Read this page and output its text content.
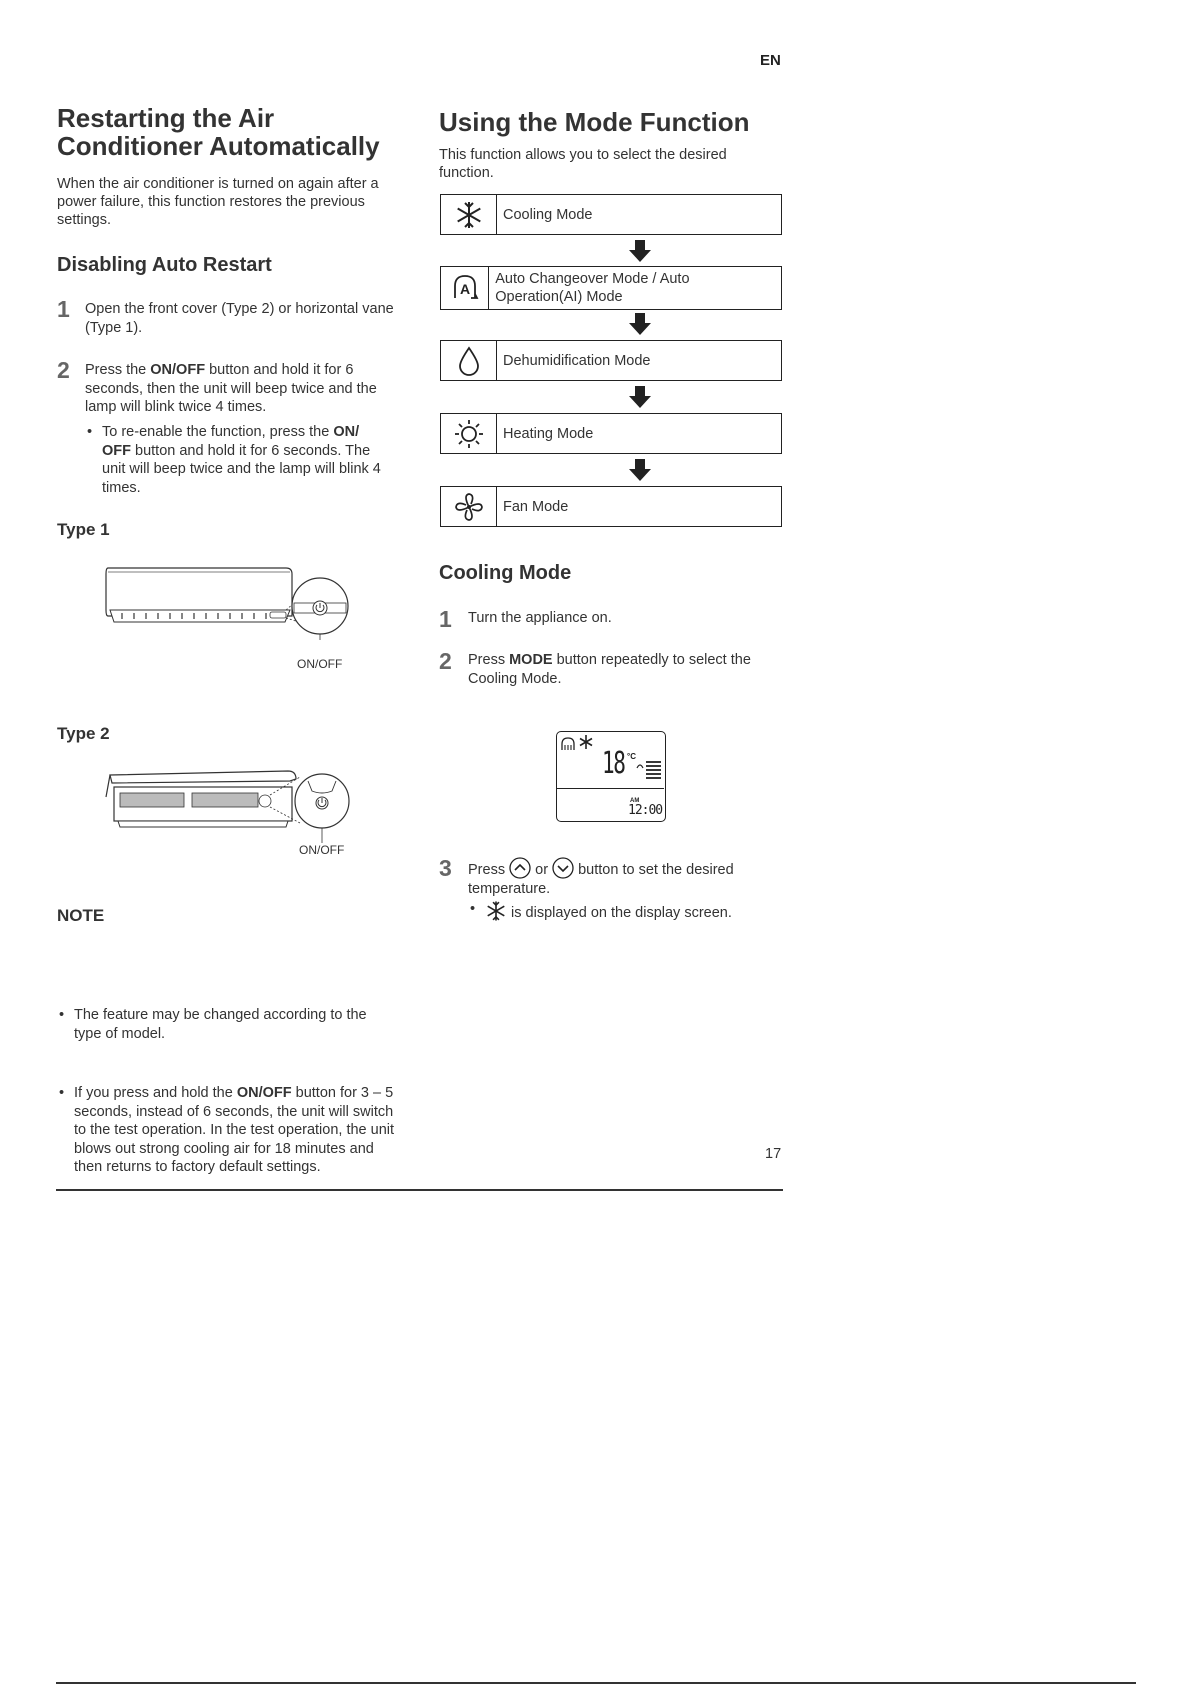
EN
Restarting the Air
Conditioner Automatically
When the air conditioner is turned on again after a power failure, this function restores the previous settings.
Disabling Auto Restart
1 Open the front cover (Type 2) or horizontal vane (Type 1).
2 Press the ON/OFF button and hold it for 6 seconds, then the unit will beep twice and the lamp will blink twice 4 times.
• To re-enable the function, press the ON/ OFF button and hold it for 6 seconds. The unit will beep twice and the lamp will blink 4 times.
Type 1
ON/OFF
Type 2
ON/OFF
NOTE
• The feature may be changed according to the type of model.
• If you press and hold the ON/OFF button for 3 – 5 seconds, instead of 6 seconds, the unit will switch to the test operation. In the test operation, the unit blows out strong cooling air for 18 minutes and then returns to factory default settings.
Using the Mode Function
This function allows you to select the desired function.
Cooling Mode
A
Auto Changeover Mode / Auto Operation(AI) Mode
Dehumidification Mode
Heating Mode
Fan Mode
Cooling Mode
1 Turn the appliance on.
2 Press MODE button repeatedly to select the Cooling Mode.
• is displayed on the display screen.
18 °C
AM
12:00
3 Press or button to set the desired temperature.
17
